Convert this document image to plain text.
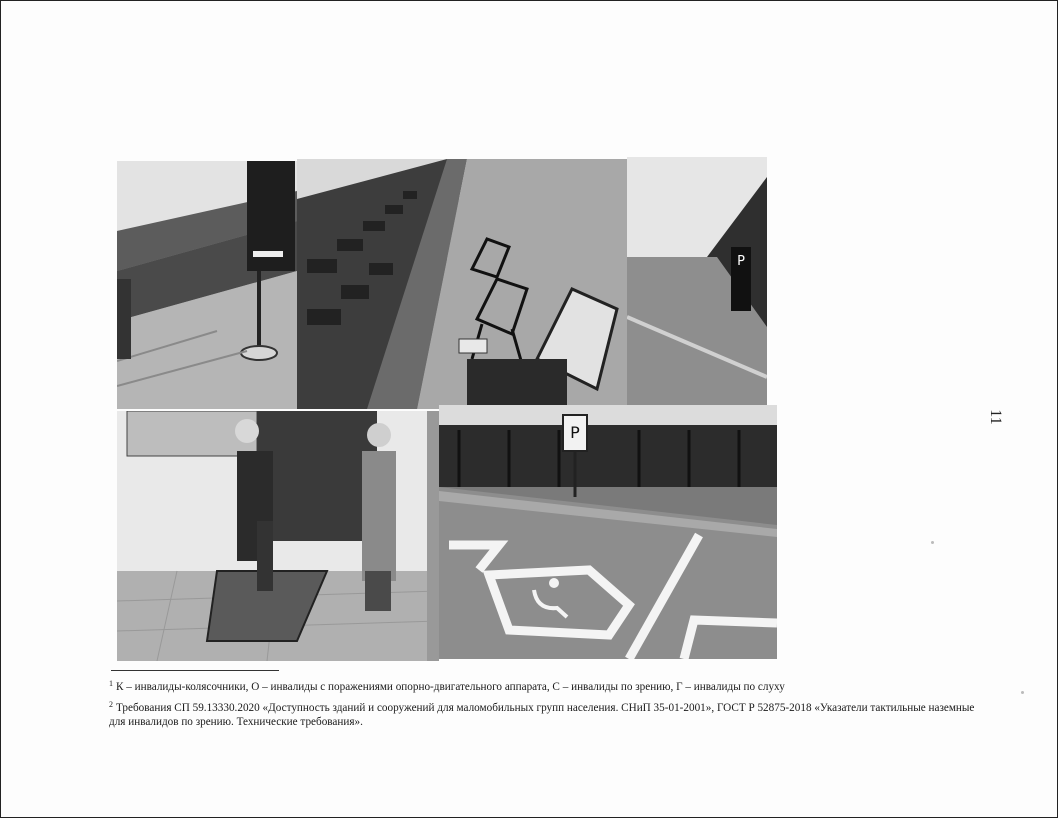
P
P
$^1$ К – инвалиды-колясочники, О – инвалиды с поражениями опорно-двигательного аппарата, С – инвалиды по зрению, Г – инвалиды по слуху
$^2$ Требования СП 59.13330.2020 «Доступность зданий и сооружений для маломобильных групп населения. СНиП 35-01-2001», ГОСТ Р 52875-2018 «Указатели тактильные наземные для инвалидов по зрению. Технические требования».
11
